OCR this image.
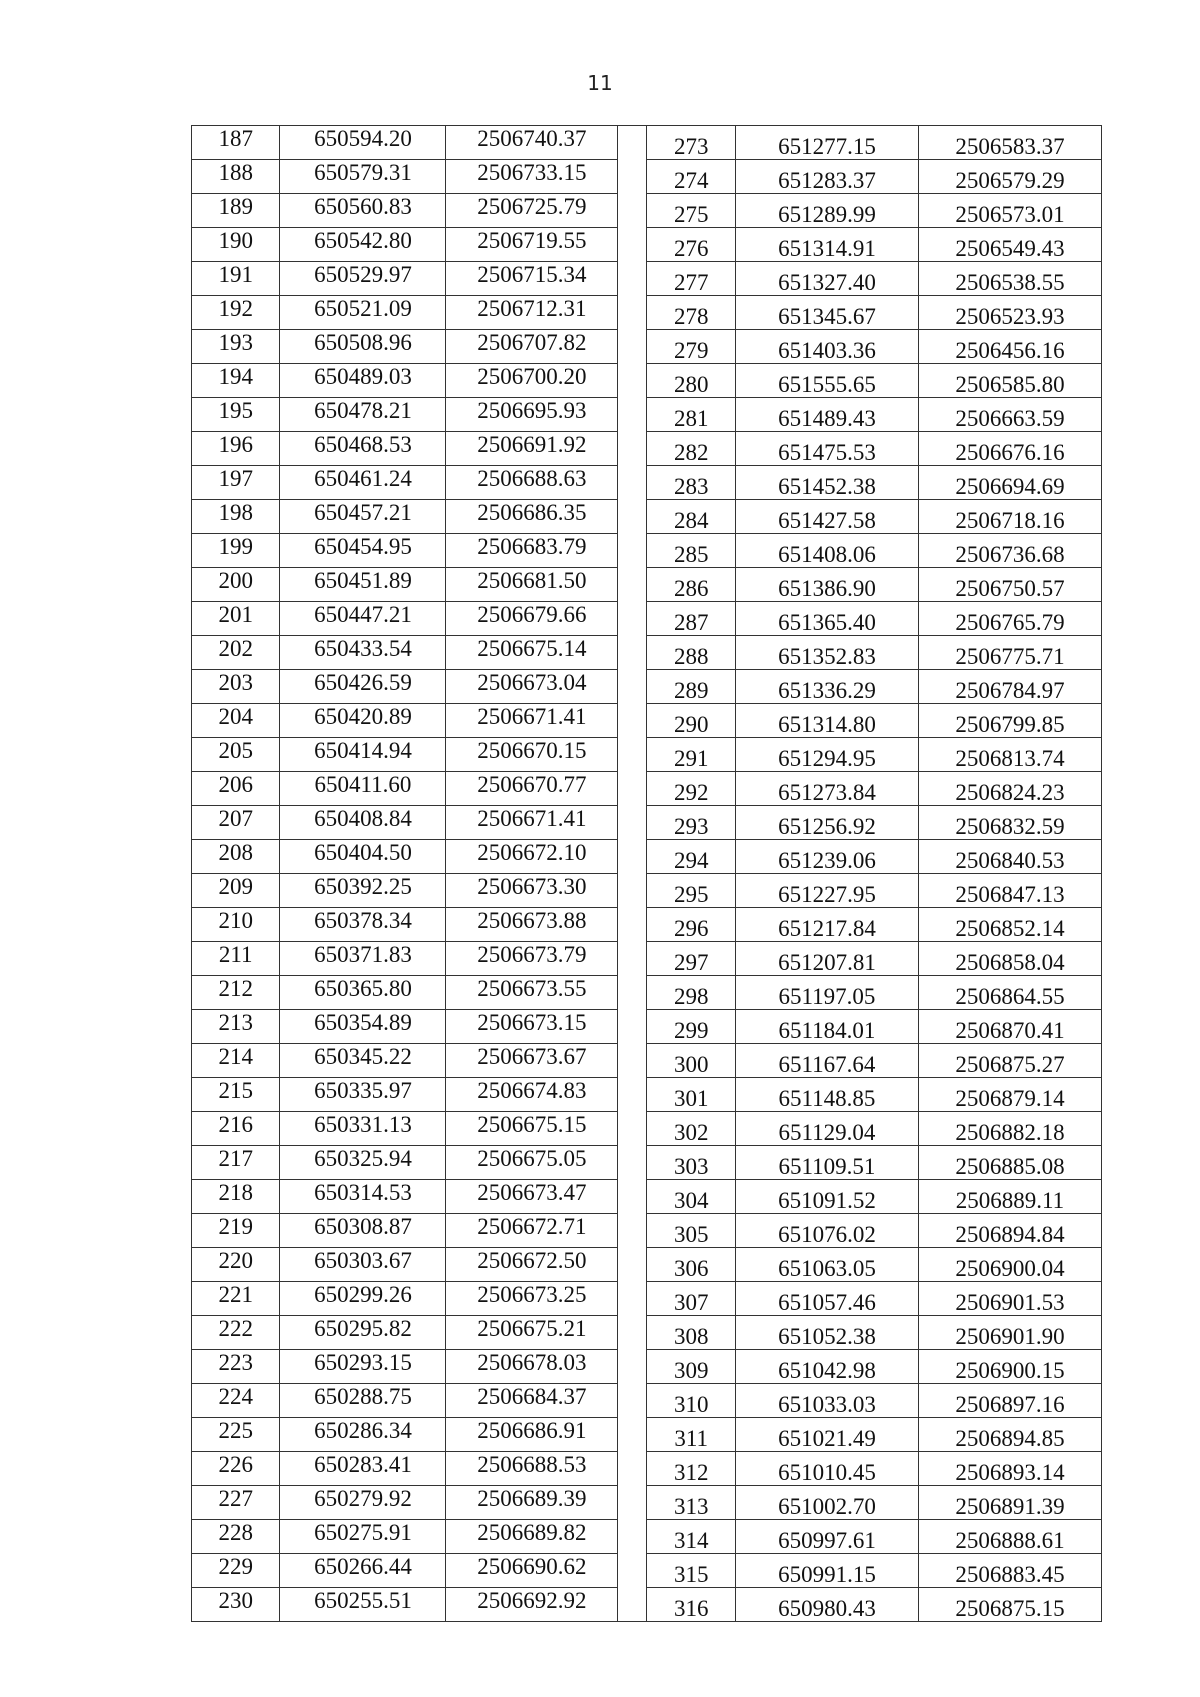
11
187	650594.20	2506740.37		273	651277.15	2506583.37
188	650579.31	2506733.15		274	651283.37	2506579.29
189	650560.83	2506725.79		275	651289.99	2506573.01
190	650542.80	2506719.55		276	651314.91	2506549.43
191	650529.97	2506715.34		277	651327.40	2506538.55
192	650521.09	2506712.31		278	651345.67	2506523.93
193	650508.96	2506707.82		279	651403.36	2506456.16
194	650489.03	2506700.20		280	651555.65	2506585.80
195	650478.21	2506695.93		281	651489.43	2506663.59
196	650468.53	2506691.92		282	651475.53	2506676.16
197	650461.24	2506688.63		283	651452.38	2506694.69
198	650457.21	2506686.35		284	651427.58	2506718.16
199	650454.95	2506683.79		285	651408.06	2506736.68
200	650451.89	2506681.50		286	651386.90	2506750.57
201	650447.21	2506679.66		287	651365.40	2506765.79
202	650433.54	2506675.14		288	651352.83	2506775.71
203	650426.59	2506673.04		289	651336.29	2506784.97
204	650420.89	2506671.41		290	651314.80	2506799.85
205	650414.94	2506670.15		291	651294.95	2506813.74
206	650411.60	2506670.77		292	651273.84	2506824.23
207	650408.84	2506671.41		293	651256.92	2506832.59
208	650404.50	2506672.10		294	651239.06	2506840.53
209	650392.25	2506673.30		295	651227.95	2506847.13
210	650378.34	2506673.88		296	651217.84	2506852.14
211	650371.83	2506673.79		297	651207.81	2506858.04
212	650365.80	2506673.55		298	651197.05	2506864.55
213	650354.89	2506673.15		299	651184.01	2506870.41
214	650345.22	2506673.67		300	651167.64	2506875.27
215	650335.97	2506674.83		301	651148.85	2506879.14
216	650331.13	2506675.15		302	651129.04	2506882.18
217	650325.94	2506675.05		303	651109.51	2506885.08
218	650314.53	2506673.47		304	651091.52	2506889.11
219	650308.87	2506672.71		305	651076.02	2506894.84
220	650303.67	2506672.50		306	651063.05	2506900.04
221	650299.26	2506673.25		307	651057.46	2506901.53
222	650295.82	2506675.21		308	651052.38	2506901.90
223	650293.15	2506678.03		309	651042.98	2506900.15
224	650288.75	2506684.37		310	651033.03	2506897.16
225	650286.34	2506686.91		311	651021.49	2506894.85
226	650283.41	2506688.53		312	651010.45	2506893.14
227	650279.92	2506689.39		313	651002.70	2506891.39
228	650275.91	2506689.82		314	650997.61	2506888.61
229	650266.44	2506690.62		315	650991.15	2506883.45
230	650255.51	2506692.92		316	650980.43	2506875.15
